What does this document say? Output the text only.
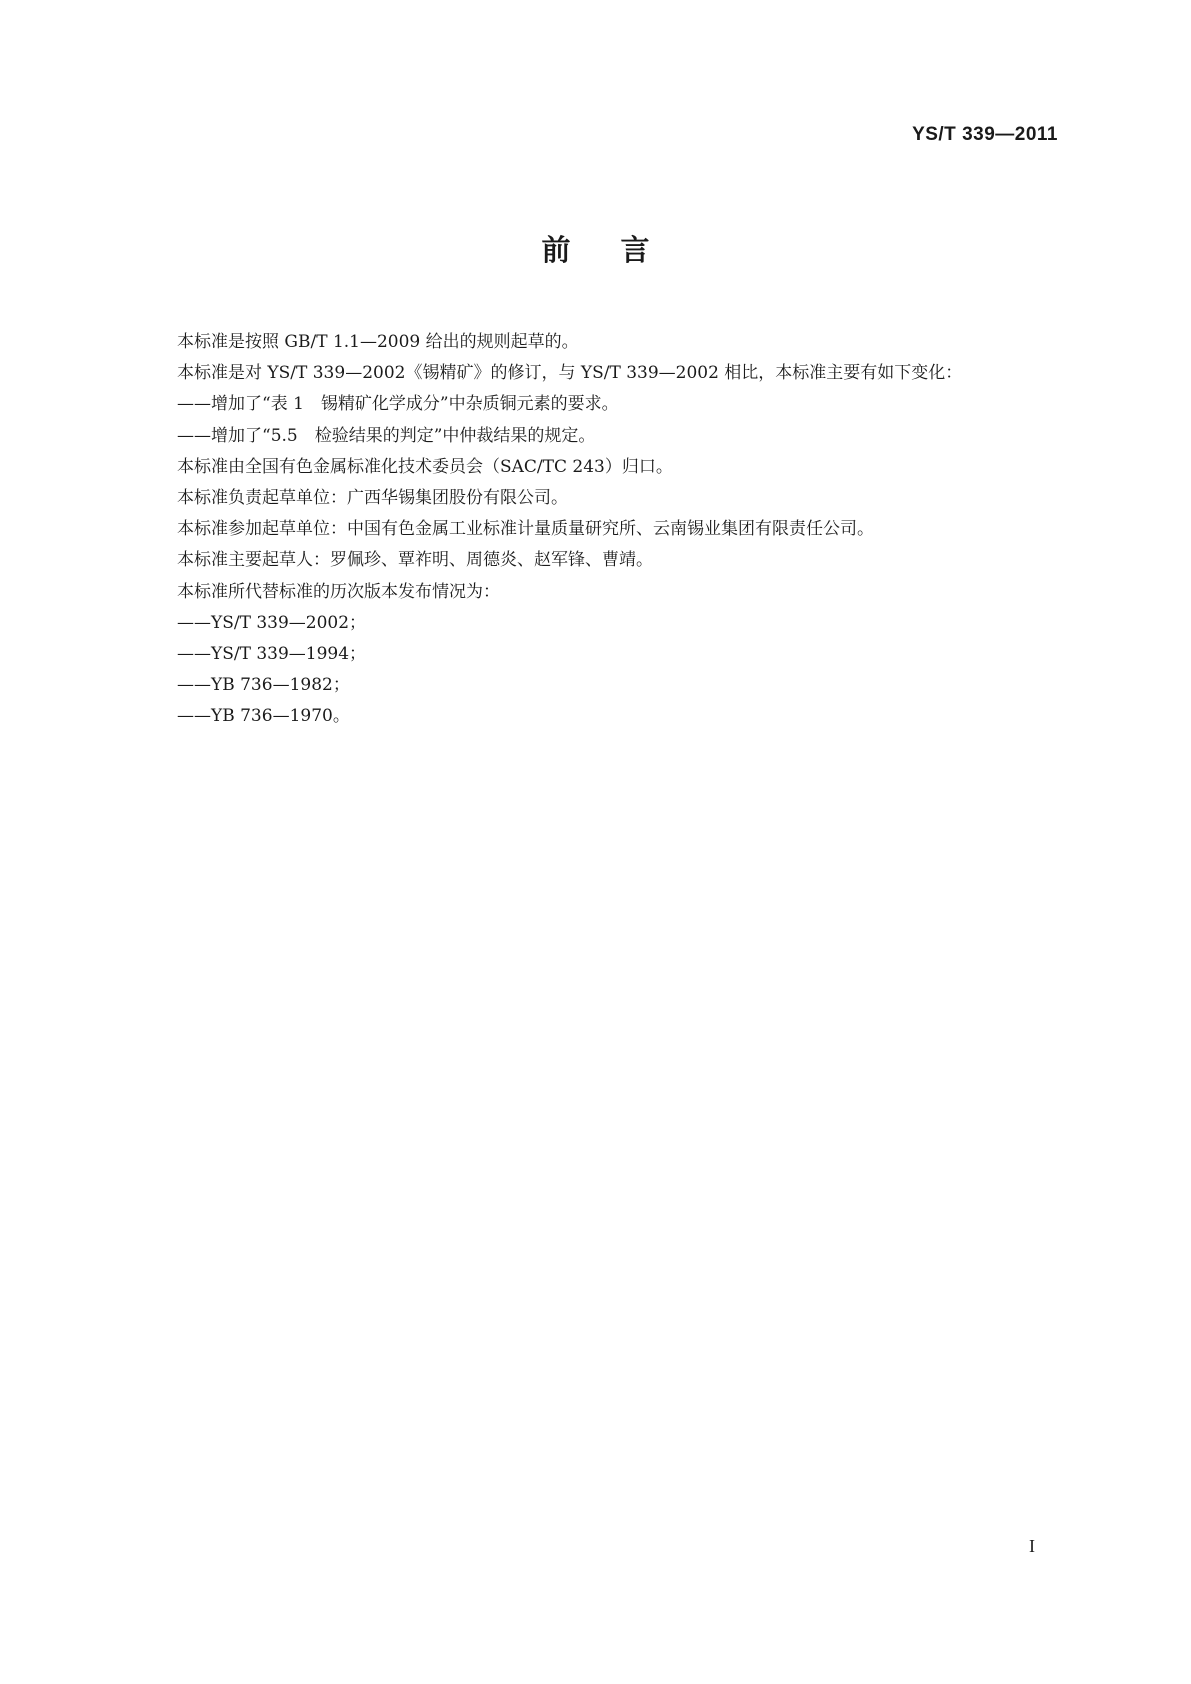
YS/T 339—2011
前言
本标准是按照 GB/T 1.1—2009 给出的规则起草的。
本标准是对 YS/T 339—2002《锡精矿》的修订，与 YS/T 339—2002 相比，本标准主要有如下变化：
——增加了“表 1　锡精矿化学成分”中杂质铜元素的要求。
——增加了“5.5　检验结果的判定”中仲裁结果的规定。
本标准由全国有色金属标准化技术委员会（SAC/TC 243）归口。
本标准负责起草单位：广西华锡集团股份有限公司。
本标准参加起草单位：中国有色金属工业标准计量质量研究所、云南锡业集团有限责任公司。
本标准主要起草人：罗佩珍、覃祚明、周德炎、赵军锋、曹靖。
本标准所代替标准的历次版本发布情况为：
——YS/T 339—2002；
——YS/T 339—1994；
——YB 736—1982；
——YB 736—1970。
I
